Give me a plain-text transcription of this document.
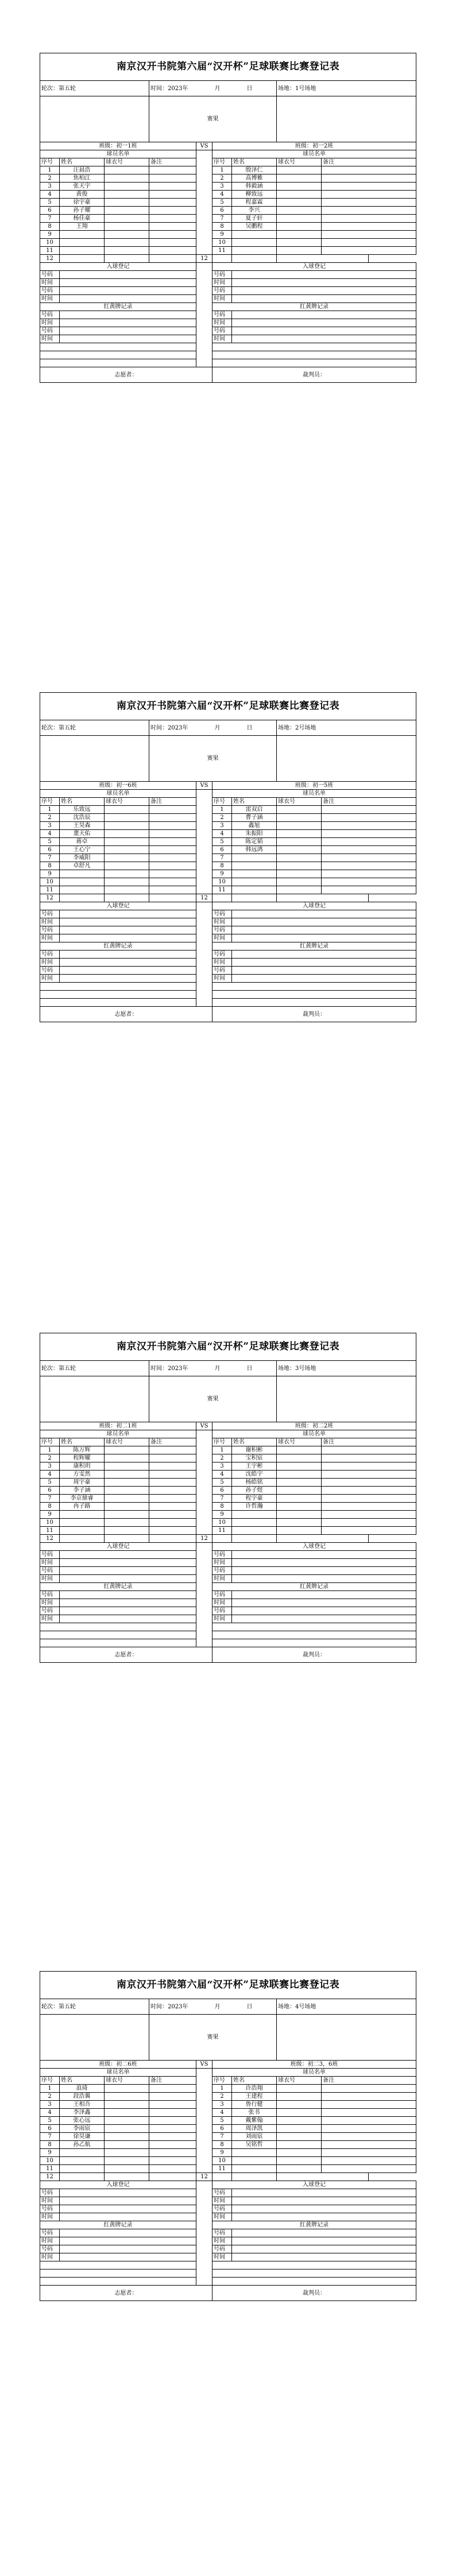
南京汉开书院第六届“汉开杯”足球联赛比赛登记表								
轮次：第五轮			时间：2023年 月 日				场地：1号场地	
			赛果					
班级：初一1班				VS	班级：初一2班			
球员名单					球员名单			
序号	姓名	球衣号	备注		序号	姓名	球衣号	备注
1	汪晨浩				1	殷泽仁		
2	焦柏江				2	高博雅		
3	张天宇				3	韩毅涵		
4	黄俊				4	柳致远		
5	徐宇豪				5	程嘉霖		
6	孙子耀				6	李兴		
7	杨佳豪				7	夏子轩		
8	王翔				8	吴鹏程		
9					9			
10					10			
11					11			
12				12				
入球登记					入球登记			
号码					号码			
时间					时间			
号码					号码			
时间					时间			
红黄牌记录					红黄牌记录			
号码					号码			
时间					时间			
号码					号码			
时间					时间			

志愿者：					裁判员：			
南京汉开书院第六届“汉开杯”足球联赛比赛登记表								
轮次：第五轮			时间：2023年 月 日				场地：2号场地	
			赛果					
班级：初一6班				VS	班级：初一5班			
球员名单					球员名单			
序号	姓名	球衣号	备注		序号	姓名	球衣号	备注
1	乐致远				1	雷双启		
2	沈浩辰				2	曹子涵		
3	王昊森				3	鑫旭		
4	董天佑				4	朱振阳		
5	蒋卓				5	陈定韬		
6	王心宁				6	韩远鸿		
7	李威阳				7			
8	卓舒凡				8			
9					9			
10					10			
11					11			
12				12				
入球登记					入球登记			
号码					号码			
时间					时间			
号码					号码			
时间					时间			
红黄牌记录					红黄牌记录			
号码					号码			
时间					时间			
号码					号码			
时间					时间			

志愿者：					裁判员：			
南京汉开书院第六届“汉开杯”足球联赛比赛登记表								
轮次：第五轮			时间：2023年 月 日				场地：3号场地	
			赛果					
班级：初二1班				VS	班级：初二2班			
球员名单					球员名单			
序号	姓名	球衣号	备注		序号	姓名	球衣号	备注
1	陈万辉				1	谢积彬		
2	程辉耀				2	宝积宸		
3	康积玥				3	王宇彬		
4	方雯然				4	沈皓宇		
5	周宇豪				5	杨皓铭		
6	李子涵				6	孙子煜		
7	李京鼎睿				7	程宇豪		
8	冉子路				8	许哲瀚		
9					9			
10					10			
11					11			
12				12				
入球登记					入球登记			
号码					号码			
时间					时间			
号码					号码			
时间					时间			
红黄牌记录					红黄牌记录			
号码					号码			
时间					时间			
号码					号码			
时间					时间			

志愿者：					裁判员：			
南京汉开书院第六届“汉开杯”足球联赛比赛登记表								
轮次：第五轮			时间：2023年 月 日				场地：4号场地	
			赛果					
班级：初二6班				VS	班级：初二3，6班			
球员名单					球员名单			
序号	姓名	球衣号	备注		序号	姓名	球衣号	备注
1	浪琦				1	许浩翔		
2	段浩翼				2	王建程		
3	王相吾				3	鲁行健		
4	李泽鑫				4	张书		
5	张心远				5	戴紫翰		
6	李雨宸				6	周泽凯		
7	徐昊谦				7	刘雨宸		
8	孙乙航				8	吴铭哲		
9					9			
10					10			
11					11			
12				12				
入球登记					入球登记			
号码					号码			
时间					时间			
号码					号码			
时间					时间			
红黄牌记录					红黄牌记录			
号码					号码			
时间					时间			
号码					号码			
时间					时间			

志愿者：					裁判员：			
